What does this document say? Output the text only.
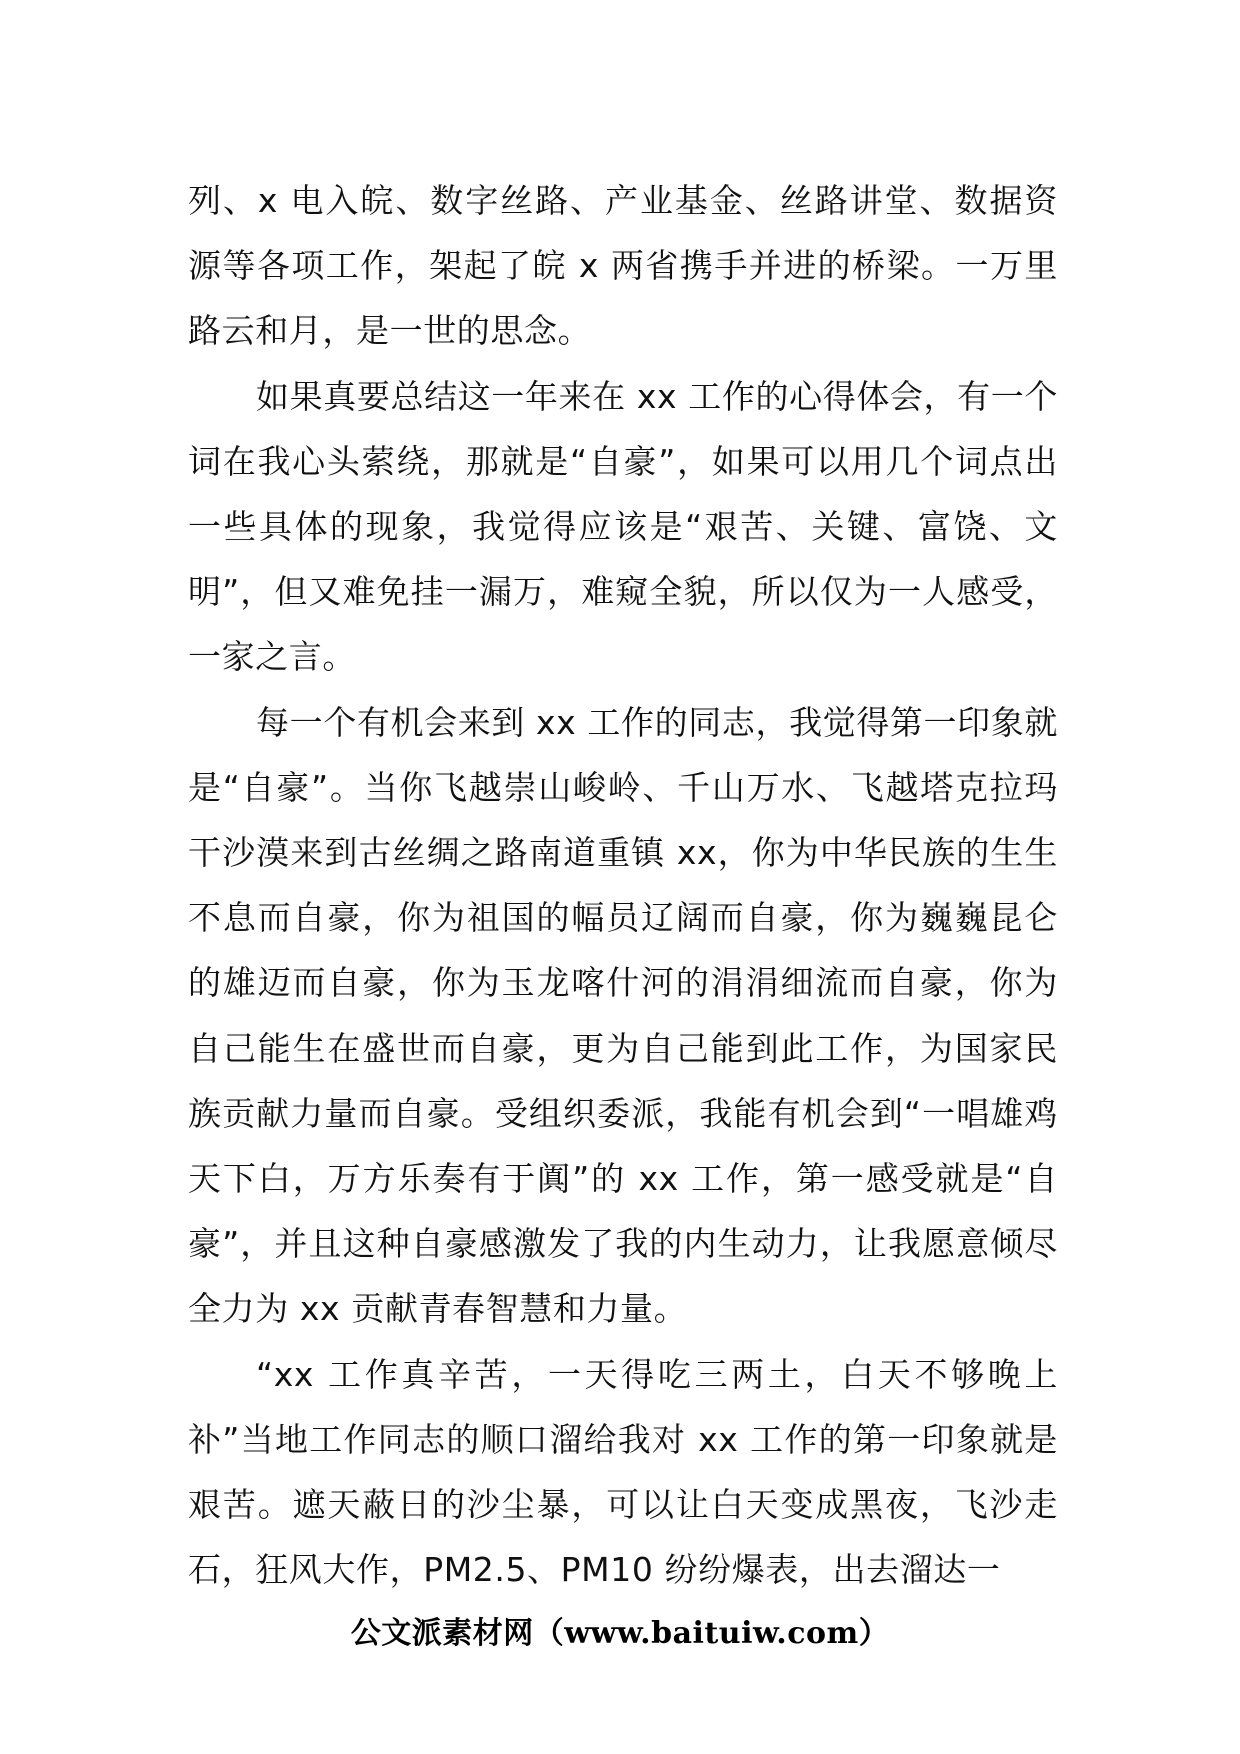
列、x 电入皖、数字丝路、产业基金、丝路讲堂、数据资源等各项工作，架起了皖 x 两省携手并进的桥梁。一万里路云和月，是一世的思念。

如果真要总结这一年来在 xx 工作的心得体会，有一个词在我心头萦绕，那就是“自豪”，如果可以用几个词点出一些具体的现象，我觉得应该是“艰苦、关键、富饶、文明”，但又难免挂一漏万，难窥全貌，所以仅为一人感受，一家之言。

每一个有机会来到 xx 工作的同志，我觉得第一印象就是“自豪”。当你飞越崇山峻岭、千山万水、飞越塔克拉玛干沙漠来到古丝绸之路南道重镇 xx，你为中华民族的生生不息而自豪，你为祖国的幅员辽阔而自豪，你为巍巍昆仑的雄迈而自豪，你为玉龙喀什河的涓涓细流而自豪，你为自己能生在盛世而自豪，更为自己能到此工作，为国家民族贡献力量而自豪。受组织委派，我能有机会到“一唱雄鸡天下白，万方乐奏有于阗”的 xx 工作，第一感受就是“自豪”，并且这种自豪感激发了我的内生动力，让我愿意倾尽全力为 xx 贡献青春智慧和力量。

“xx 工作真辛苦，一天得吃三两土，白天不够晚上补”当地工作同志的顺口溜给我对 xx 工作的第一印象就是艰苦。遮天蔽日的沙尘暴，可以让白天变成黑夜，飞沙走石，狂风大作，PM2.5、PM10 纷纷爆表，出去溜达一

公文派素材网（www.baituiw.com）
